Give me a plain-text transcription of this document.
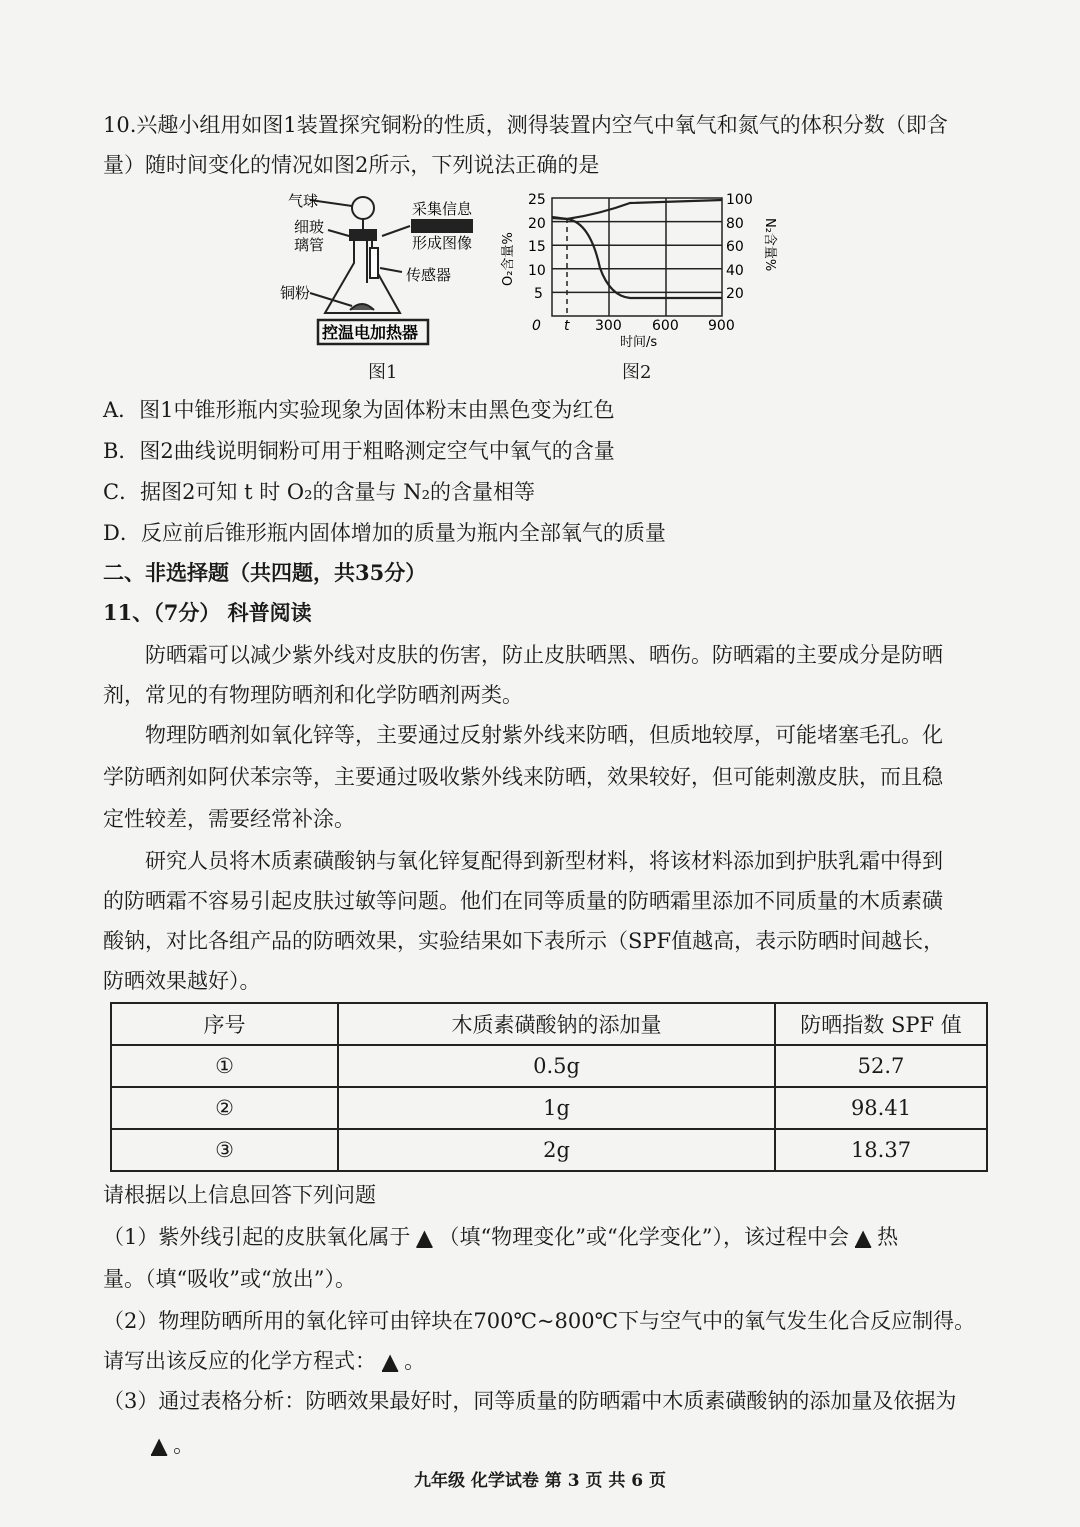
10.兴趣小组用如图1装置探究铜粉的性质，测得装置内空气中氧气和氮气的体积分数（即含
量）随时间变化的情况如图2所示，下列说法正确的是
气球
细玻
璃管
采集信息
形成图像
传感器
铜粉
控温电加热器
25
20
15
10
5
100
80
60
40
20
0 t 300 600 900
时间/s
O₂含量%	N₂含量%
图1	图2
A．图1中锥形瓶内实验现象为固体粉末由黑色变为红色
B．图2曲线说明铜粉可用于粗略测定空气中氧气的含量
C．据图2可知 t 时 O₂的含量与 N₂的含量相等
D．反应前后锥形瓶内固体增加的质量为瓶内全部氧气的质量
二、非选择题（共四题，共35分）
11、（7分） 科普阅读
防晒霜可以减少紫外线对皮肤的伤害，防止皮肤晒黑、晒伤。防晒霜的主要成分是防晒
剂，常见的有物理防晒剂和化学防晒剂两类。
物理防晒剂如氧化锌等，主要通过反射紫外线来防晒，但质地较厚，可能堵塞毛孔。化
学防晒剂如阿伏苯宗等，主要通过吸收紫外线来防晒，效果较好，但可能刺激皮肤，而且稳
定性较差，需要经常补涂。
研究人员将木质素磺酸钠与氧化锌复配得到新型材料，将该材料添加到护肤乳霜中得到
的防晒霜不容易引起皮肤过敏等问题。他们在同等质量的防晒霜里添加不同质量的木质素磺
酸钠，对比各组产品的防晒效果，实验结果如下表所示（SPF值越高，表示防晒时间越长，
防晒效果越好）。
序号	木质素磺酸钠的添加量	防晒指数 SPF 值
①	0.5g	52.7
②	1g	98.41
③	2g	18.37
请根据以上信息回答下列问题
（1）紫外线引起的皮肤氧化属于 ▲ （填“物理变化”或“化学变化”），该过程中会 ▲ 热
量。（填“吸收”或“放出”）。
（2）物理防晒所用的氧化锌可由锌块在700℃~800℃下与空气中的氧气发生化合反应制得。
请写出该反应的化学方程式： ▲ 。
（3）通过表格分析：防晒效果最好时，同等质量的防晒霜中木质素磺酸钠的添加量及依据为
▲ 。
九年级 化学试卷 第 3 页 共 6 页
